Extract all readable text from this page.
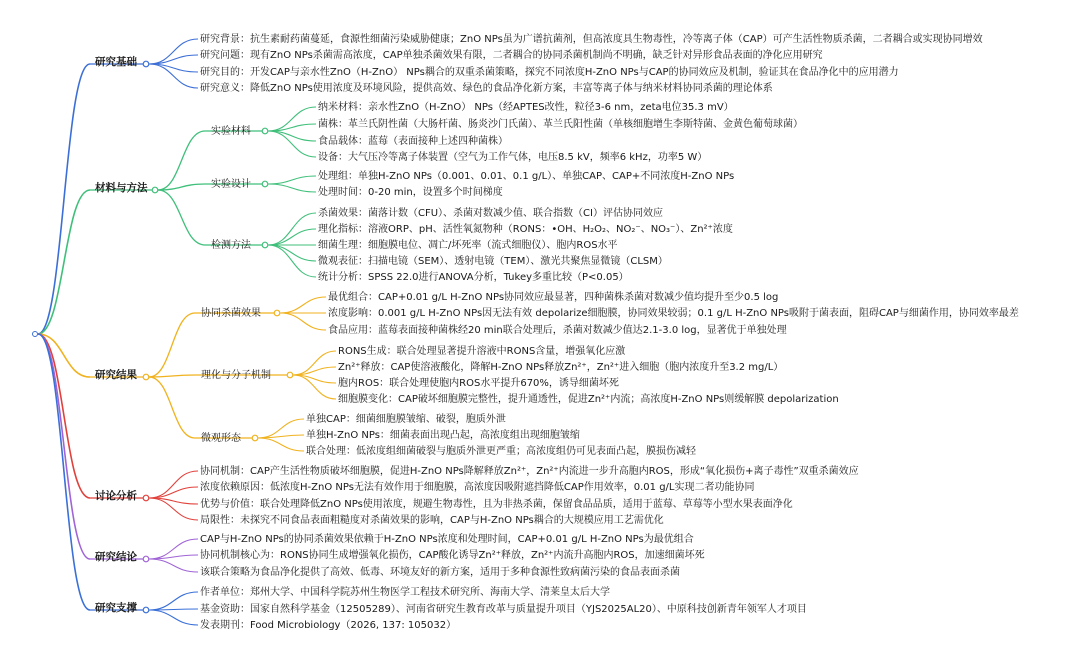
研究基础
研究背景：抗生素耐药菌蔓延，食源性细菌污染威胁健康；ZnO NPs虽为广谱抗菌剂，但高浓度具生物毒性，冷等离子体（CAP）可产生活性物质杀菌，二者耦合或实现协同增效
研究问题：现有ZnO NPs杀菌需高浓度，CAP单独杀菌效果有限，二者耦合的协同杀菌机制尚不明确，缺乏针对异形食品表面的净化应用研究
研究目的：开发CAP与亲水性ZnO（H-ZnO） NPs耦合的双重杀菌策略，探究不同浓度H-ZnO NPs与CAP的协同效应及机制，验证其在食品净化中的应用潜力
研究意义：降低ZnO NPs使用浓度及环境风险，提供高效、绿色的食品净化新方案，丰富等离子体与纳米材料协同杀菌的理论体系
材料与方法
实验材料
纳米材料：亲水性ZnO（H-ZnO） NPs（经APTES改性，粒径3-6 nm，zeta电位35.3 mV）
菌株：革兰氏阴性菌（大肠杆菌、肠炎沙门氏菌）、革兰氏阳性菌（单核细胞增生李斯特菌、金黄色葡萄球菌）
食品载体：蓝莓（表面接种上述四种菌株）
设备：大气压冷等离子体装置（空气为工作气体，电压8.5 kV，频率6 kHz，功率5 W）
实验设计
处理组：单独H-ZnO NPs（0.001、0.01、0.1 g/L）、单独CAP、CAP+不同浓度H-ZnO NPs
处理时间：0-20 min，设置多个时间梯度
检测方法
杀菌效果：菌落计数（CFU）、杀菌对数减少值、联合指数（CI）评估协同效应
理化指标：溶液ORP、pH、活性氧氮物种（RONS：•OH、H₂O₂、NO₂⁻、NO₃⁻）、Zn²⁺浓度
细菌生理：细胞膜电位、凋亡/坏死率（流式细胞仪）、胞内ROS水平
微观表征：扫描电镜（SEM）、透射电镜（TEM）、激光共聚焦显微镜（CLSM）
统计分析：SPSS 22.0进行ANOVA分析，Tukey多重比较（P<0.05）
研究结果
协同杀菌效果
最优组合：CAP+0.01 g/L H-ZnO NPs协同效应最显著，四种菌株杀菌对数减少值均提升至少0.5 log
浓度影响：0.001 g/L H-ZnO NPs因无法有效 depolarize细胞膜，协同效果较弱；0.1 g/L H-ZnO NPs吸附于菌表面，阻碍CAP与细菌作用，协同效率最差
食品应用：蓝莓表面接种菌株经20 min联合处理后，杀菌对数减少值达2.1-3.0 log，显著优于单独处理
理化与分子机制
RONS生成：联合处理显著提升溶液中RONS含量，增强氧化应激
Zn²⁺释放：CAP使溶液酸化，降解H-ZnO NPs释放Zn²⁺，Zn²⁺进入细胞（胞内浓度升至3.2 mg/L）
胞内ROS：联合处理使胞内ROS水平提升670%，诱导细菌坏死
细胞膜变化：CAP破坏细胞膜完整性，提升通透性，促进Zn²⁺内流；高浓度H-ZnO NPs则缓解膜 depolarization
微观形态
单独CAP：细菌细胞膜皱缩、破裂，胞质外泄
单独H-ZnO NPs：细菌表面出现凸起，高浓度组出现细胞皱缩
联合处理：低浓度组细菌破裂与胞质外泄更严重；高浓度组仍可见表面凸起，膜损伤减轻
讨论分析
协同机制：CAP产生活性物质破坏细胞膜，促进H-ZnO NPs降解释放Zn²⁺，Zn²⁺内流进一步升高胞内ROS，形成“氧化损伤+离子毒性”双重杀菌效应
浓度依赖原因：低浓度H-ZnO NPs无法有效作用于细胞膜，高浓度因吸附遮挡降低CAP作用效率，0.01 g/L实现二者功能协同
优势与价值：联合处理降低ZnO NPs使用浓度，规避生物毒性，且为非热杀菌，保留食品品质，适用于蓝莓、草莓等小型水果表面净化
局限性：未探究不同食品表面粗糙度对杀菌效果的影响，CAP与H-ZnO NPs耦合的大规模应用工艺需优化
研究结论
CAP与H-ZnO NPs的协同杀菌效果依赖于H-ZnO NPs浓度和处理时间，CAP+0.01 g/L H-ZnO NPs为最优组合
协同机制核心为：RONS协同生成增强氧化损伤，CAP酸化诱导Zn²⁺释放，Zn²⁺内流升高胞内ROS，加速细菌坏死
该联合策略为食品净化提供了高效、低毒、环境友好的新方案，适用于多种食源性致病菌污染的食品表面杀菌
研究支撑
作者单位：郑州大学、中国科学院苏州生物医学工程技术研究所、海南大学、清莱皇太后大学
基金资助：国家自然科学基金（12505289）、河南省研究生教育改革与质量提升项目（YJS2025AL20）、中原科技创新青年领军人才项目
发表期刊：Food Microbiology（2026, 137: 105032）
